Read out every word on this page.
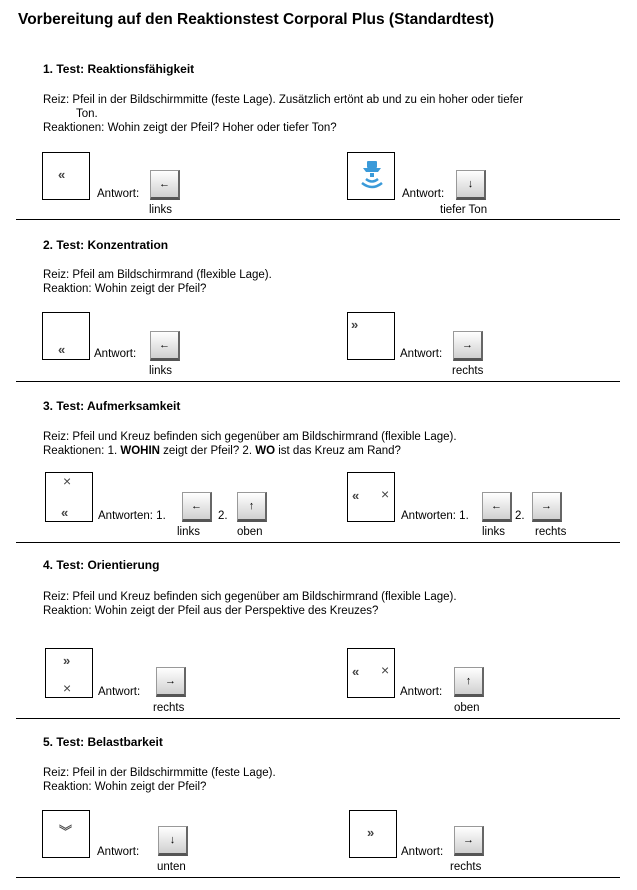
Vorbereitung auf den Reaktionstest Corporal Plus (Standardtest)
1. Test: Reaktionsfähigkeit
Reiz: Pfeil in der Bildschirmmitte (feste Lage). Zusätzlich ertönt ab und zu ein hoher oder tiefer
Ton.
Reaktionen: Wohin zeigt der Pfeil? Hoher oder tiefer Ton?
«
Antwort:
←
links
Antwort:
↓
tiefer Ton
2. Test: Konzentration
Reiz: Pfeil am Bildschirmrand (flexible Lage).
Reaktion: Wohin zeigt der Pfeil?
«	Antwort:
←
links
»
Antwort:
→
rechts
3. Test: Aufmerksamkeit
Reiz: Pfeil und Kreuz befinden sich gegenüber am Bildschirmrand (flexible Lage).
Reaktionen: 1. WOHIN zeigt der Pfeil? 2. WO ist das Kreuz am Rand?
×
«	Antworten: 1.
←
2.
↑
links	oben
« ×
Antworten: 1.
←
2.
→
links	rechts
4. Test: Orientierung
Reiz: Pfeil und Kreuz befinden sich gegenüber am Bildschirmrand (flexible Lage).
Reaktion: Wohin zeigt der Pfeil aus der Perspektive des Kreuzes?
»
× Antwort:
→
rechts
« ×
Antwort:
↑
oben
5. Test: Belastbarkeit
Reiz: Pfeil in der Bildschirmmitte (feste Lage).
Reaktion: Wohin zeigt der Pfeil?
︾
Antwort:
↓
unten
»
Antwort:
→
rechts
